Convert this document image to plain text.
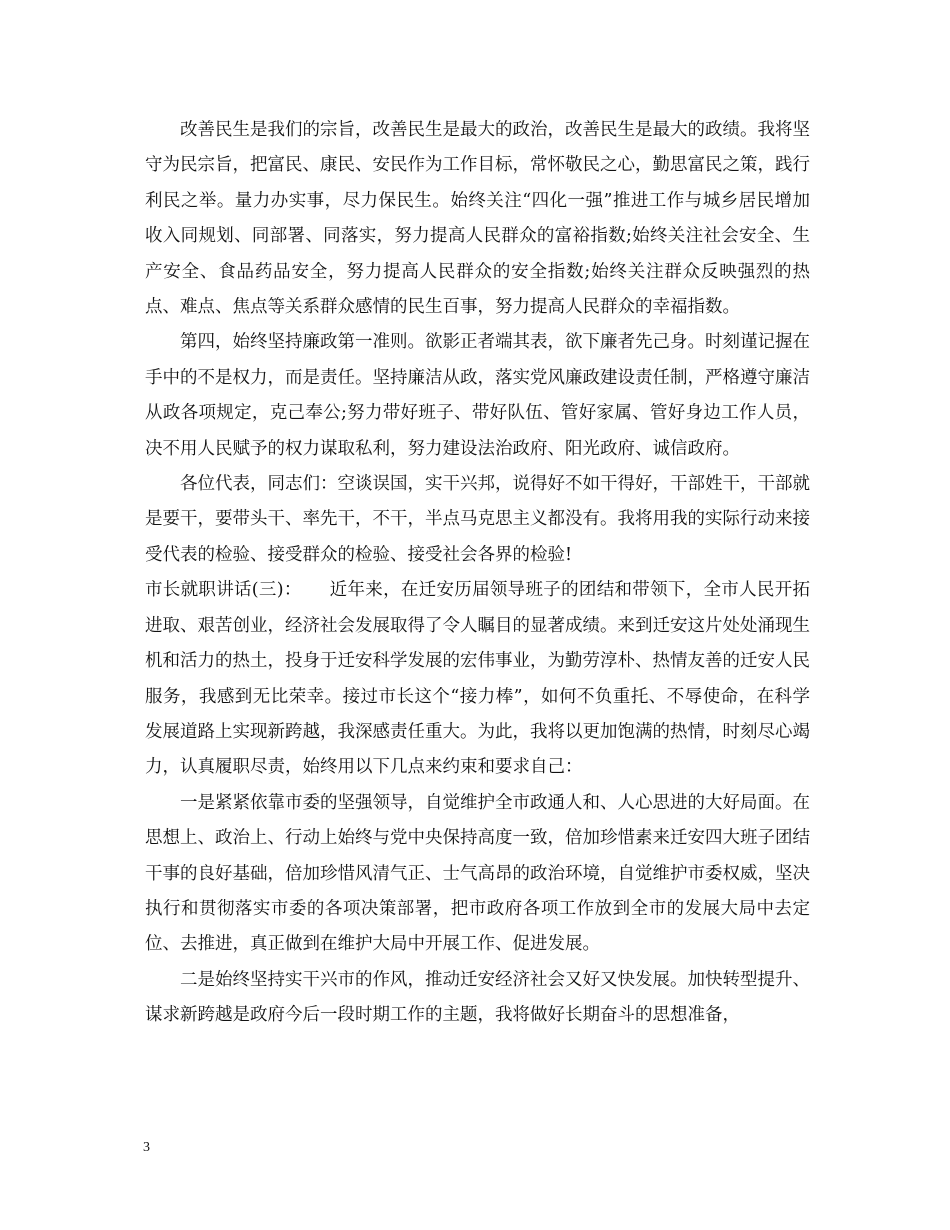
改善民生是我们的宗旨，改善民生是最大的政治，改善民生是最大的政绩。我将坚守为民宗旨，把富民、康民、安民作为工作目标，常怀敬民之心，勤思富民之策，践行利民之举。量力办实事，尽力保民生。始终关注“四化一强”推进工作与城乡居民增加收入同规划、同部署、同落实，努力提高人民群众的富裕指数;始终关注社会安全、生产安全、食品药品安全，努力提高人民群众的安全指数;始终关注群众反映强烈的热点、难点、焦点等关系群众感情的民生百事，努力提高人民群众的幸福指数。

第四，始终坚持廉政第一准则。欲影正者端其表，欲下廉者先己身。时刻谨记握在手中的不是权力，而是责任。坚持廉洁从政，落实党风廉政建设责任制，严格遵守廉洁从政各项规定，克己奉公;努力带好班子、带好队伍、管好家属、管好身边工作人员，决不用人民赋予的权力谋取私利，努力建设法治政府、阳光政府、诚信政府。

各位代表，同志们：空谈误国，实干兴邦，说得好不如干得好，干部姓干，干部就是要干，要带头干、率先干，不干，半点马克思主义都没有。我将用我的实际行动来接受代表的检验、接受群众的检验、接受社会各界的检验!

市长就职讲话(三)： 近年来，在迁安历届领导班子的团结和带领下，全市人民开拓进取、艰苦创业，经济社会发展取得了令人瞩目的显著成绩。来到迁安这片处处涌现生机和活力的热土，投身于迁安科学发展的宏伟事业，为勤劳淳朴、热情友善的迁安人民服务，我感到无比荣幸。接过市长这个“接力棒”，如何不负重托、不辱使命，在科学发展道路上实现新跨越，我深感责任重大。为此，我将以更加饱满的热情，时刻尽心竭力，认真履职尽责，始终用以下几点来约束和要求自己：

一是紧紧依靠市委的坚强领导，自觉维护全市政通人和、人心思进的大好局面。在思想上、政治上、行动上始终与党中央保持高度一致，倍加珍惜素来迁安四大班子团结干事的良好基础，倍加珍惜风清气正、士气高昂的政治环境，自觉维护市委权威，坚决执行和贯彻落实市委的各项决策部署，把市政府各项工作放到全市的发展大局中去定位、去推进，真正做到在维护大局中开展工作、促进发展。

二是始终坚持实干兴市的作风，推动迁安经济社会又好又快发展。加快转型提升、谋求新跨越是政府今后一段时期工作的主题，我将做好长期奋斗的思想准备，

3
